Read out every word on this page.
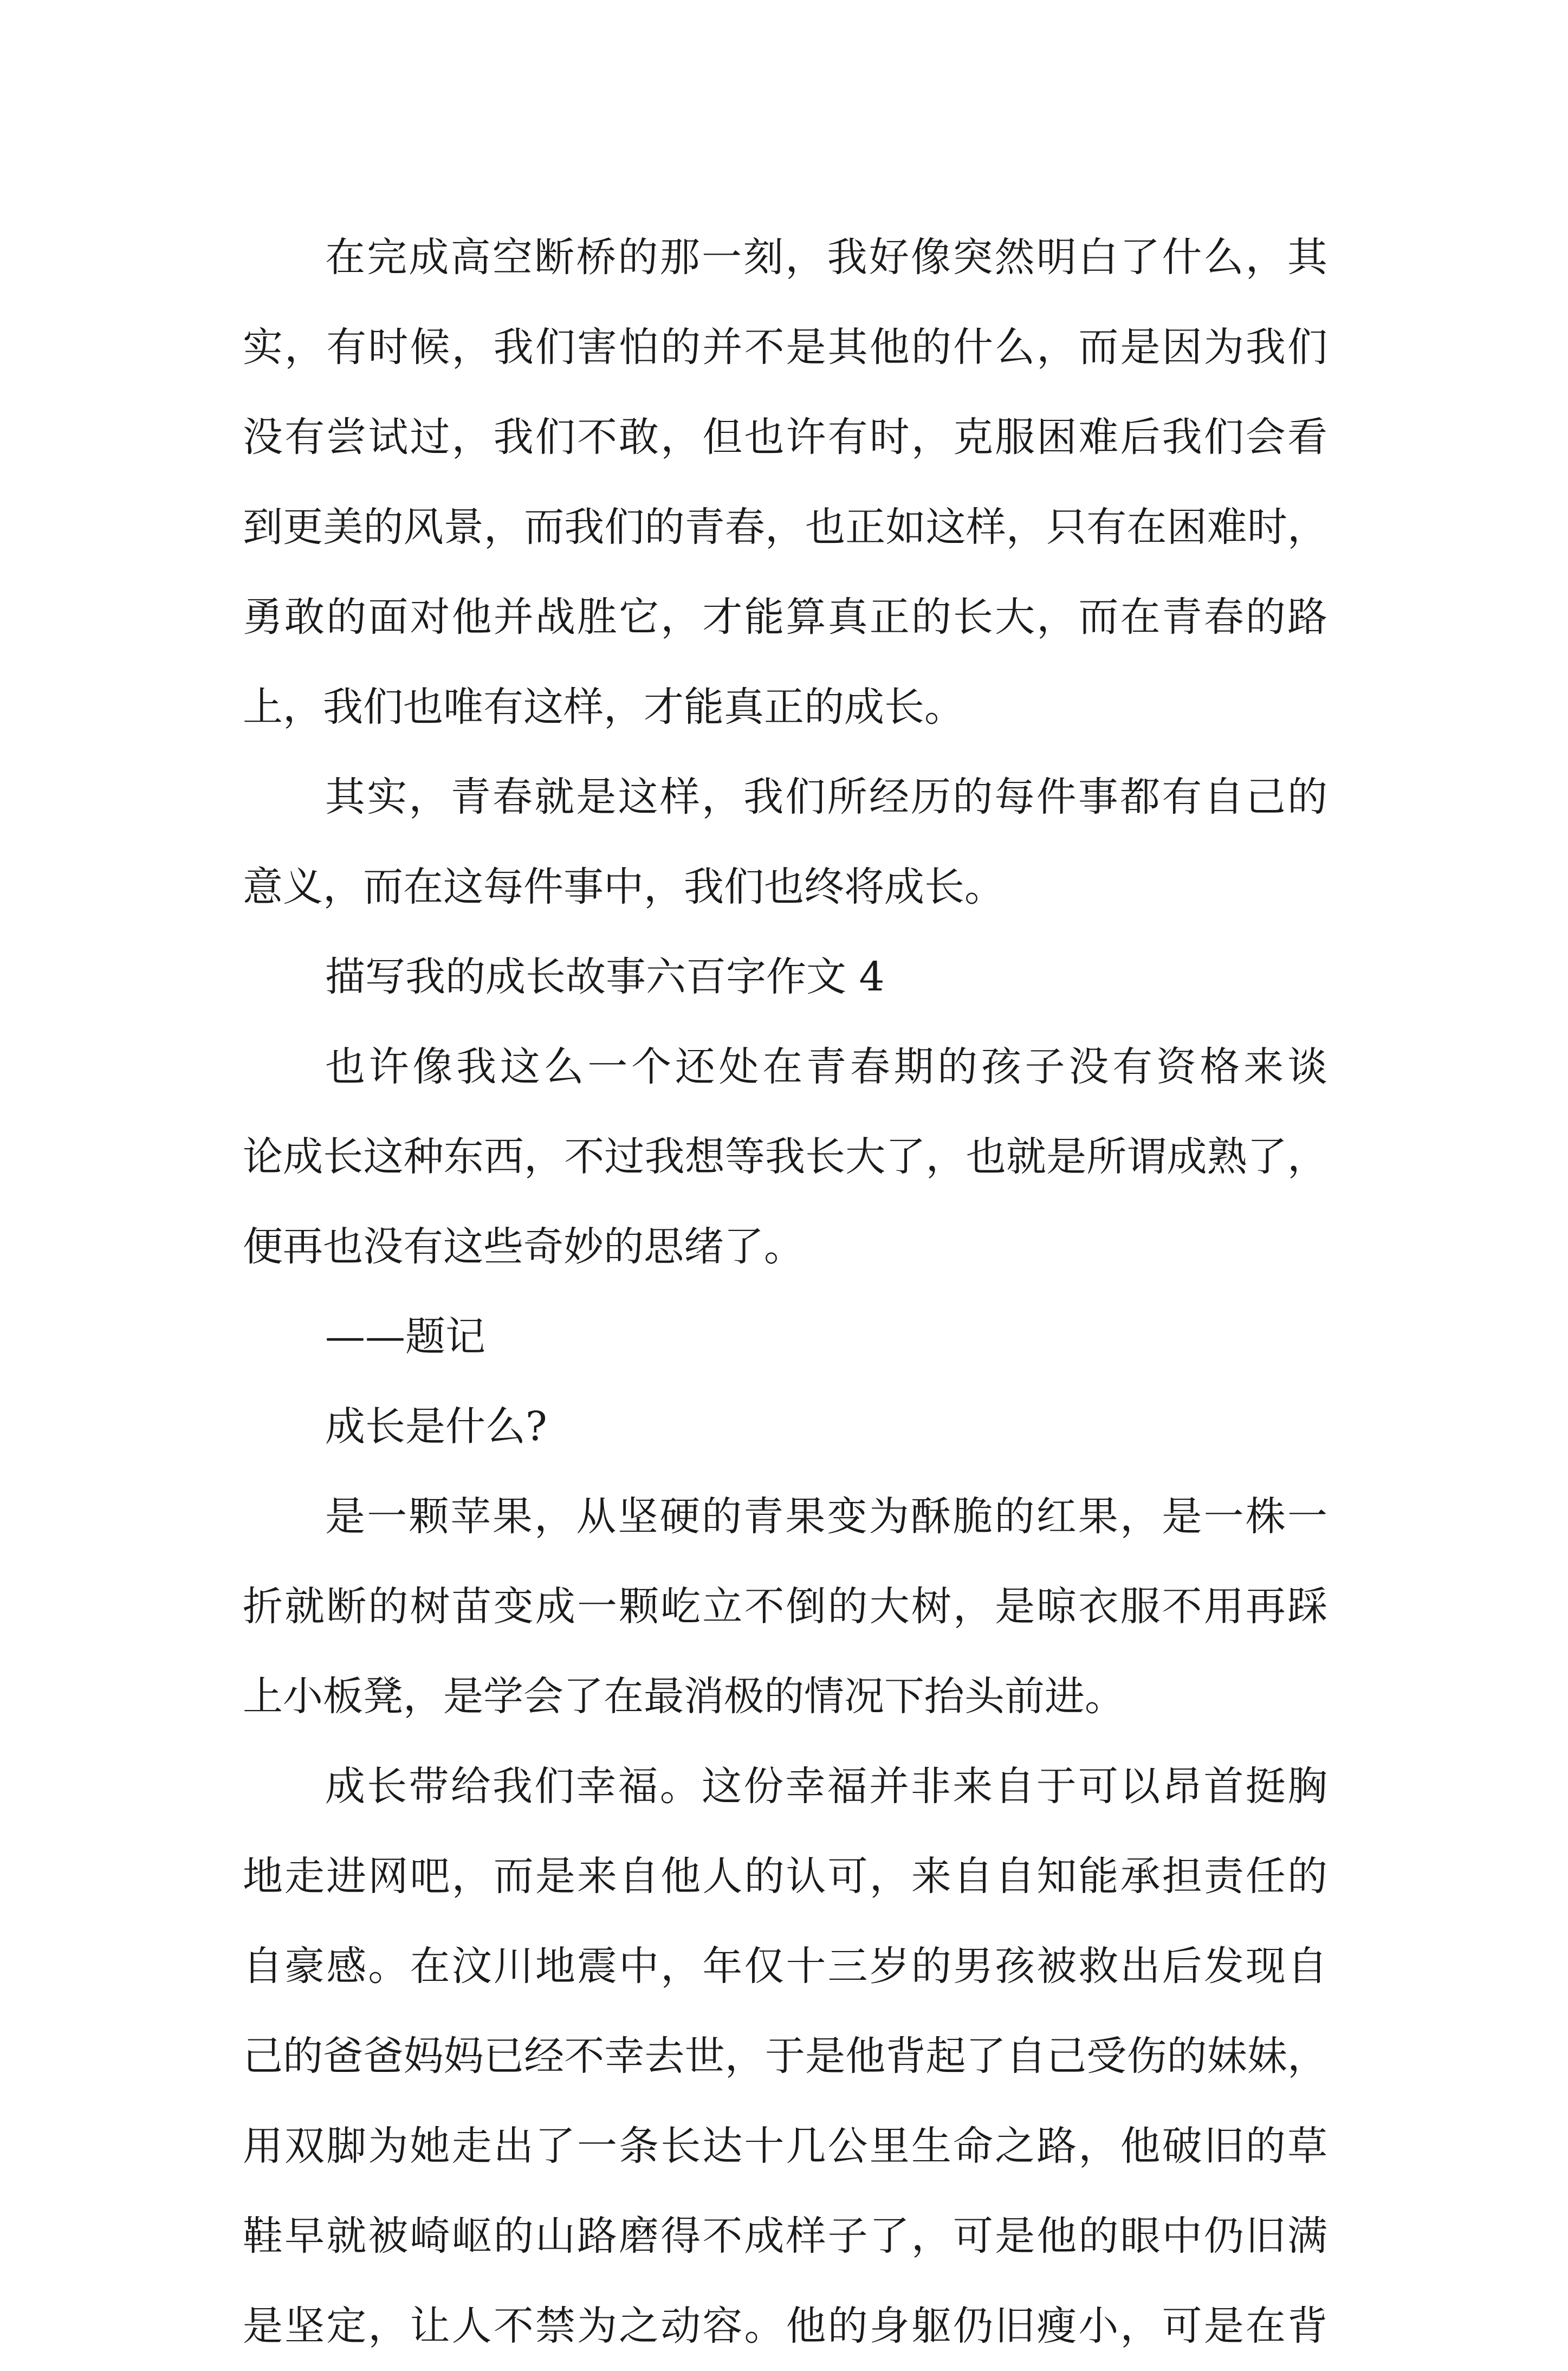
在完成高空断桥的那一刻，我好像突然明白了什么，其
实，有时候，我们害怕的并不是其他的什么，而是因为我们
没有尝试过，我们不敢，但也许有时，克服困难后我们会看
到更美的风景，而我们的青春，也正如这样，只有在困难时，
勇敢的面对他并战胜它，才能算真正的长大，而在青春的路
上，我们也唯有这样，才能真正的成长。
其实，青春就是这样，我们所经历的每件事都有自己的
意义，而在这每件事中，我们也终将成长。
描写我的成长故事六百字作文 4
也许像我这么一个还处在青春期的孩子没有资格来谈
论成长这种东西，不过我想等我长大了，也就是所谓成熟了，
便再也没有这些奇妙的思绪了。
——题记
成长是什么?
是一颗苹果，从坚硬的青果变为酥脆的红果，是一株一
折就断的树苗变成一颗屹立不倒的大树，是晾衣服不用再踩
上小板凳，是学会了在最消极的情况下抬头前进。
成长带给我们幸福。这份幸福并非来自于可以昂首挺胸
地走进网吧，而是来自他人的认可，来自自知能承担责任的
自豪感。在汶川地震中，年仅十三岁的男孩被救出后发现自
己的爸爸妈妈已经不幸去世，于是他背起了自己受伤的妹妹，
用双脚为她走出了一条长达十几公里生命之路，他破旧的草
鞋早就被崎岖的山路磨得不成样子了，可是他的眼中仍旧满
是坚定，让人不禁为之动容。他的身躯仍旧瘦小，可是在背
